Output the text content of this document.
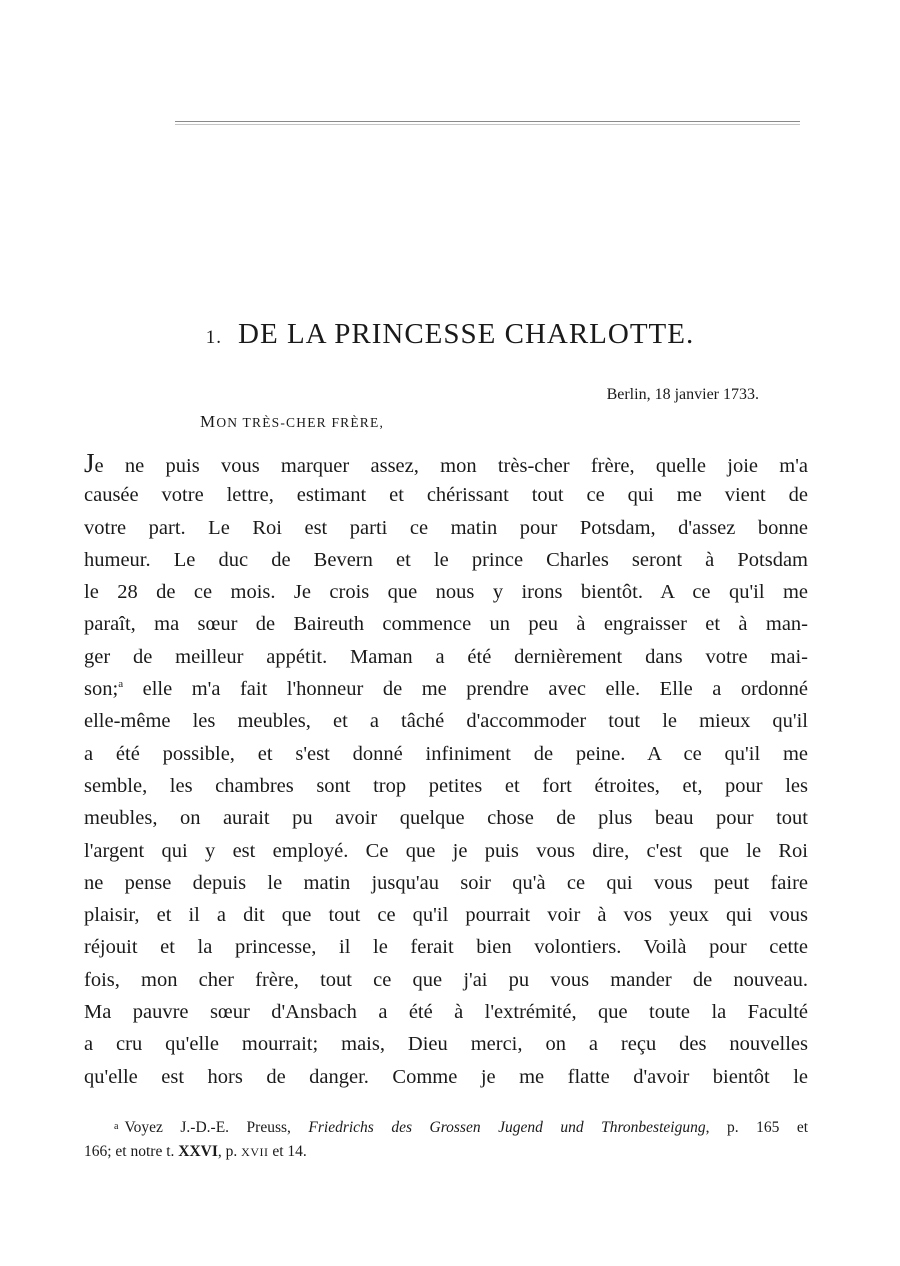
1. DE LA PRINCESSE CHARLOTTE.
Berlin, 18 janvier 1733.
MON TRÈS-CHER FRÈRE,
Je ne puis vous marquer assez, mon très-cher frère, quelle joie m'a
causée votre lettre, estimant et chérissant tout ce qui me vient de
votre part. Le Roi est parti ce matin pour Potsdam, d'assez bonne
humeur. Le duc de Bevern et le prince Charles seront à Potsdam
le 28 de ce mois. Je crois que nous y irons bientôt. A ce qu'il me
paraît, ma sœur de Baireuth commence un peu à engraisser et à man-
ger de meilleur appétit. Maman a été dernièrement dans votre mai-
son;$^a$ elle m'a fait l'honneur de me prendre avec elle. Elle a ordonné
elle-même les meubles, et a tâché d'accommoder tout le mieux qu'il
a été possible, et s'est donné infiniment de peine. A ce qu'il me
semble, les chambres sont trop petites et fort étroites, et, pour les
meubles, on aurait pu avoir quelque chose de plus beau pour tout
l'argent qui y est employé. Ce que je puis vous dire, c'est que le Roi
ne pense depuis le matin jusqu'au soir qu'à ce qui vous peut faire
plaisir, et il a dit que tout ce qu'il pourrait voir à vos yeux qui vous
réjouit et la princesse, il le ferait bien volontiers. Voilà pour cette
fois, mon cher frère, tout ce que j'ai pu vous mander de nouveau.
Ma pauvre sœur d'Ansbach a été à l'extrémité, que toute la Faculté
a cru qu'elle mourrait; mais, Dieu merci, on a reçu des nouvelles
qu'elle est hors de danger. Comme je me flatte d'avoir bientôt le
a Voyez J.-D.-E. Preuss, Friedrichs des Grossen Jugend und Thronbesteigung, p. 165 et
166; et notre t. XXVI, p. XVII et 14.
